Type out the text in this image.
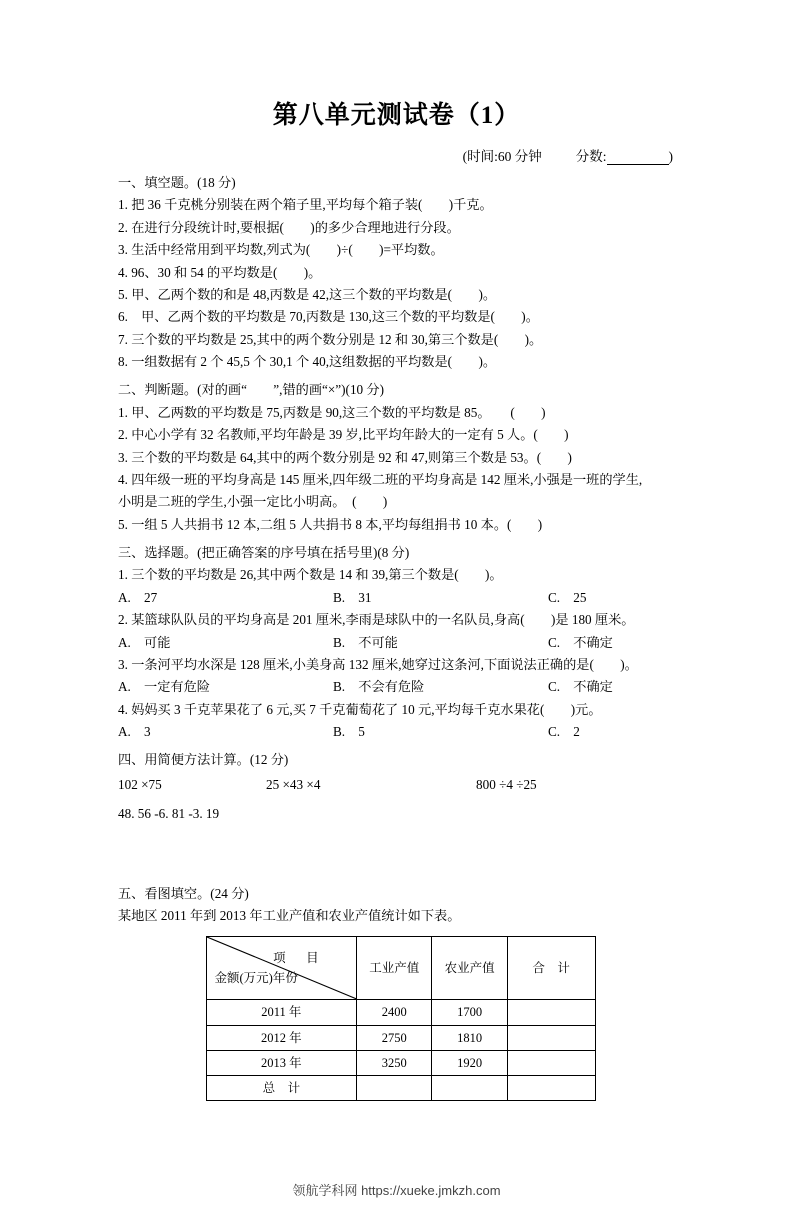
第八单元测试卷（1）
(时间:60 分钟	分数:	)
一、填空题。(18 分)
1. 把 36 千克桃分别装在两个箱子里,平均每个箱子装(　　)千克。
2. 在进行分段统计时,要根据(　　)的多少合理地进行分段。
3. 生活中经常用到平均数,列式为(　　)÷(　　)=平均数。
4. 96、30 和 54 的平均数是(　　)。
5. 甲、乙两个数的和是 48,丙数是 42,这三个数的平均数是(　　)。
6.　甲、乙两个数的平均数是 70,丙数是 130,这三个数的平均数是(　　)。
7. 三个数的平均数是 25,其中的两个数分别是 12 和 30,第三个数是(　　)。
8. 一组数据有 2 个 45,5 个 30,1 个 40,这组数据的平均数是(　　)。
二、判断题。(对的画“　　”,错的画“×”)(10 分)
1. 甲、乙两数的平均数是 75,丙数是 90,这三个数的平均数是 85。　　(　　)
2. 中心小学有 32 名教师,平均年龄是 39 岁,比平均年龄大的一定有 5 人。(　　)
3. 三个数的平均数是 64,其中的两个数分别是 92 和 47,则第三个数是 53。(　　)
4. 四年级一班的平均身高是 145 厘米,四年级二班的平均身高是 142 厘米,小强是一班的学生,
小明是二班的学生,小强一定比小明高。　(　　)
5. 一组 5 人共捐书 12 本,二组 5 人共捐书 8 本,平均每组捐书 10 本。(　　)
三、选择题。(把正确答案的序号填在括号里)(8 分)
1. 三个数的平均数是 26,其中两个数是 14 和 39,第三个数是(　　)。
A.　27	B.　31	C.　25
2. 某篮球队队员的平均身高是 201 厘米,李雨是球队中的一名队员,身高(　　)是 180 厘米。
A.　可能	B.　不可能	C.　不确定
3. 一条河平均水深是 128 厘米,小美身高 132 厘米,她穿过这条河,下面说法正确的是(　　)。
A.　一定有危险	B.　不会有危险	C.　不确定
4. 妈妈买 3 千克苹果花了 6 元,买 7 千克葡萄花了 10 元,平均每千克水果花(　　)元。
A.　3	B.　5	C.　2
四、用简便方法计算。(12 分)
102 ×75	25 ×43 ×4	800 ÷4 ÷25
48. 56 -6. 81 -3. 19
五、看图填空。(24 分)
某地区 2011 年到 2013 年工业产值和农业产值统计如下表。
项　目
金额(万元)年份	工业产值	农业产值	合　计
2011 年	2400	1700	
2012 年	2750	1810	
2013 年	3250	1920	
总　计			
领航学科网 https://xueke.jmkzh.com
